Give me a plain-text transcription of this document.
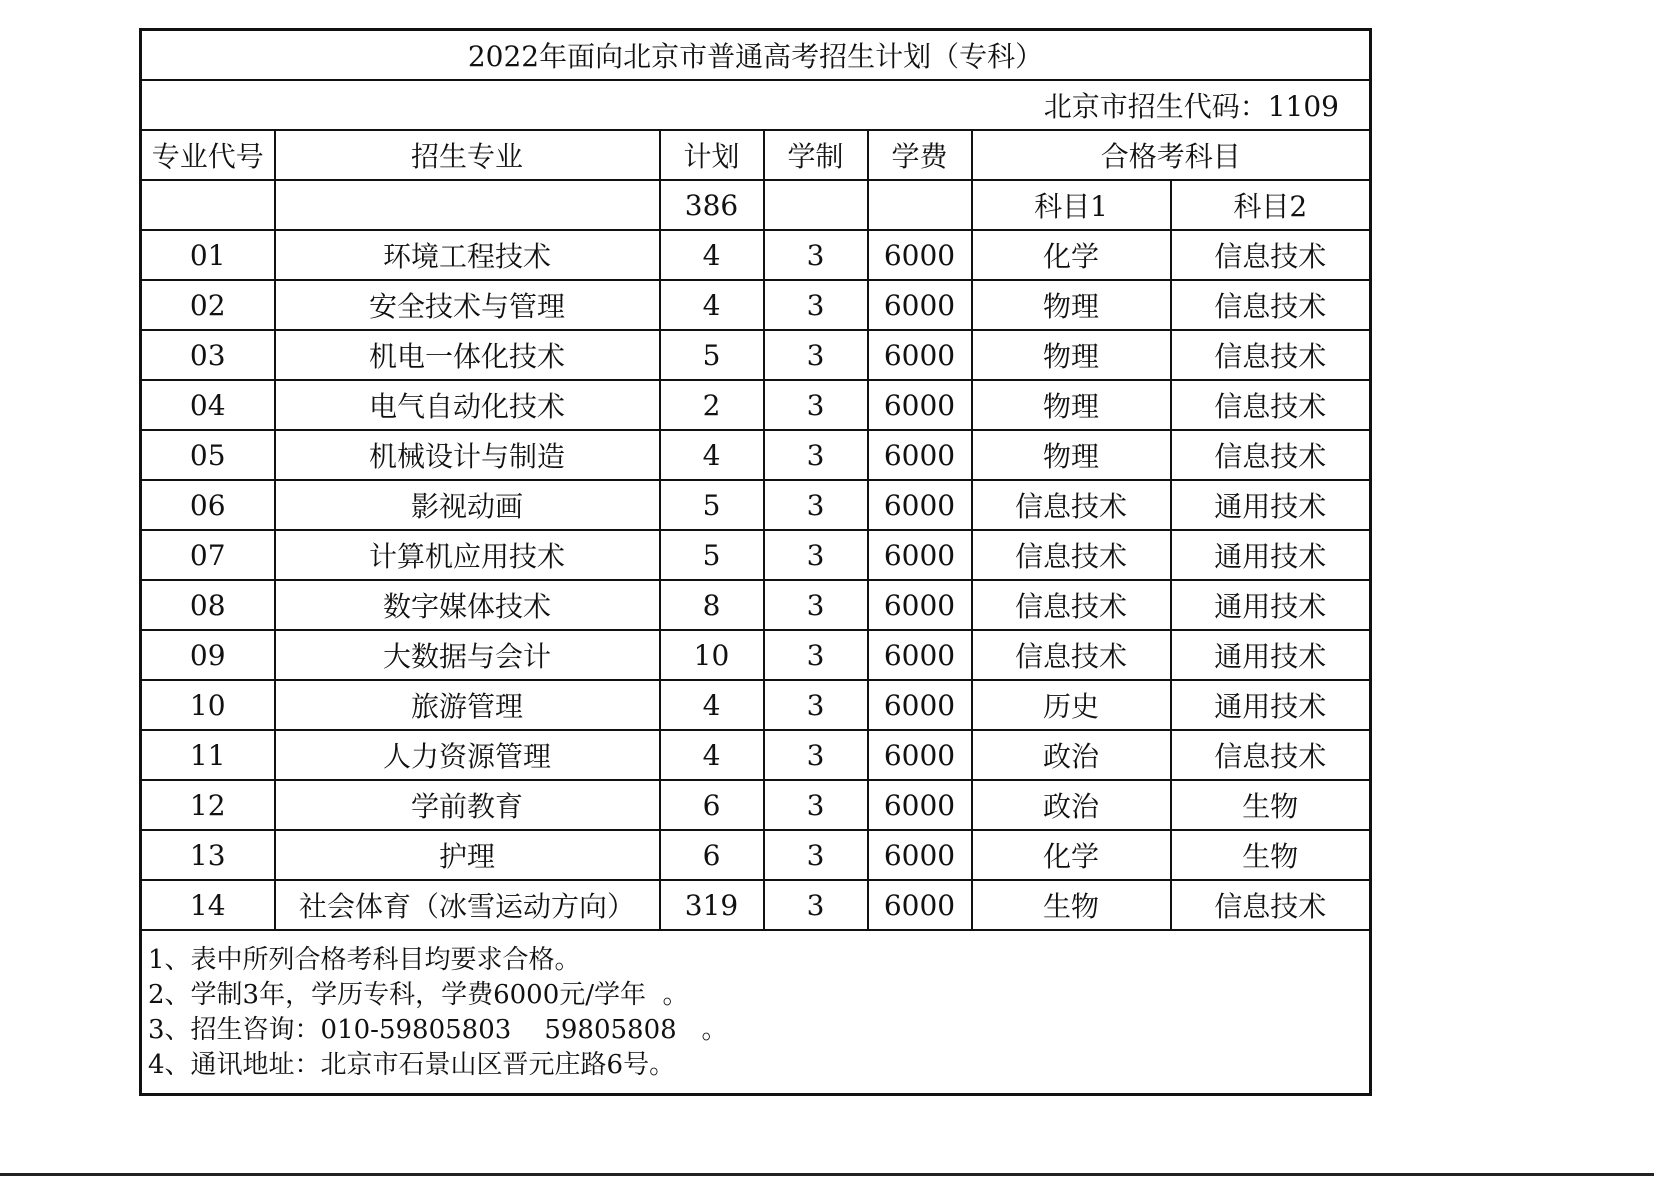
2022年面向北京市普通高考招生计划（专科）						
北京市招生代码：1109						
专业代号	招生专业	计划	学制	学费	合格考科目	
		386			科目1	科目2
01	环境工程技术	4	3	6000	化学	信息技术
02	安全技术与管理	4	3	6000	物理	信息技术
03	机电一体化技术	5	3	6000	物理	信息技术
04	电气自动化技术	2	3	6000	物理	信息技术
05	机械设计与制造	4	3	6000	物理	信息技术
06	影视动画	5	3	6000	信息技术	通用技术
07	计算机应用技术	5	3	6000	信息技术	通用技术
08	数字媒体技术	8	3	6000	信息技术	通用技术
09	大数据与会计	10	3	6000	信息技术	通用技术
10	旅游管理	4	3	6000	历史	通用技术
11	人力资源管理	4	3	6000	政治	信息技术
12	学前教育	6	3	6000	政治	生物
13	护理	6	3	6000	化学	生物
14	社会体育（冰雪运动方向）	319	3	6000	生物	信息技术

1、表中所列合格考科目均要求合格。
2、学制3年，学历专科，学费6000元/学年  。
3、招生咨询：010-59805803    59805808   。
4、通讯地址：北京市石景山区晋元庄路6号。						
